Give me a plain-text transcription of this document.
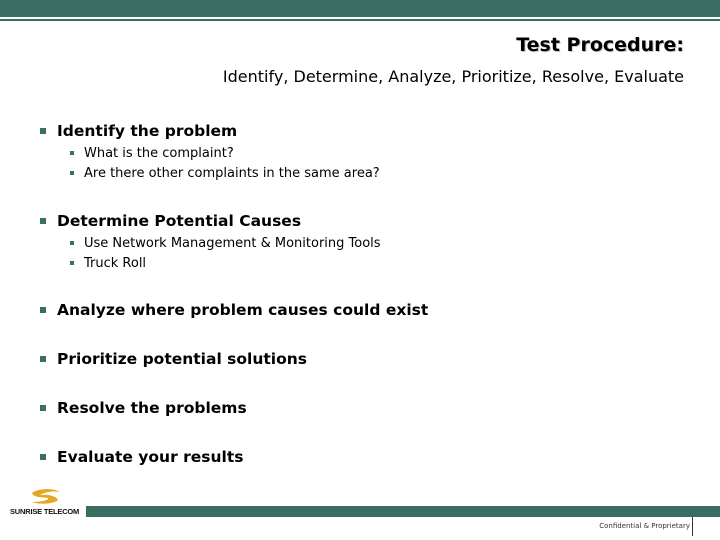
Test Procedure:
Identify, Determine, Analyze, Prioritize, Resolve, Evaluate
Identify the problem
What is the complaint?
Are there other complaints in the same area?
Determine Potential Causes
Use Network Management & Monitoring Tools
Truck Roll
Analyze where problem causes could exist
Prioritize potential solutions
Resolve the problems
Evaluate your results
SUNRISE TELECOM
Confidential & Proprietary
